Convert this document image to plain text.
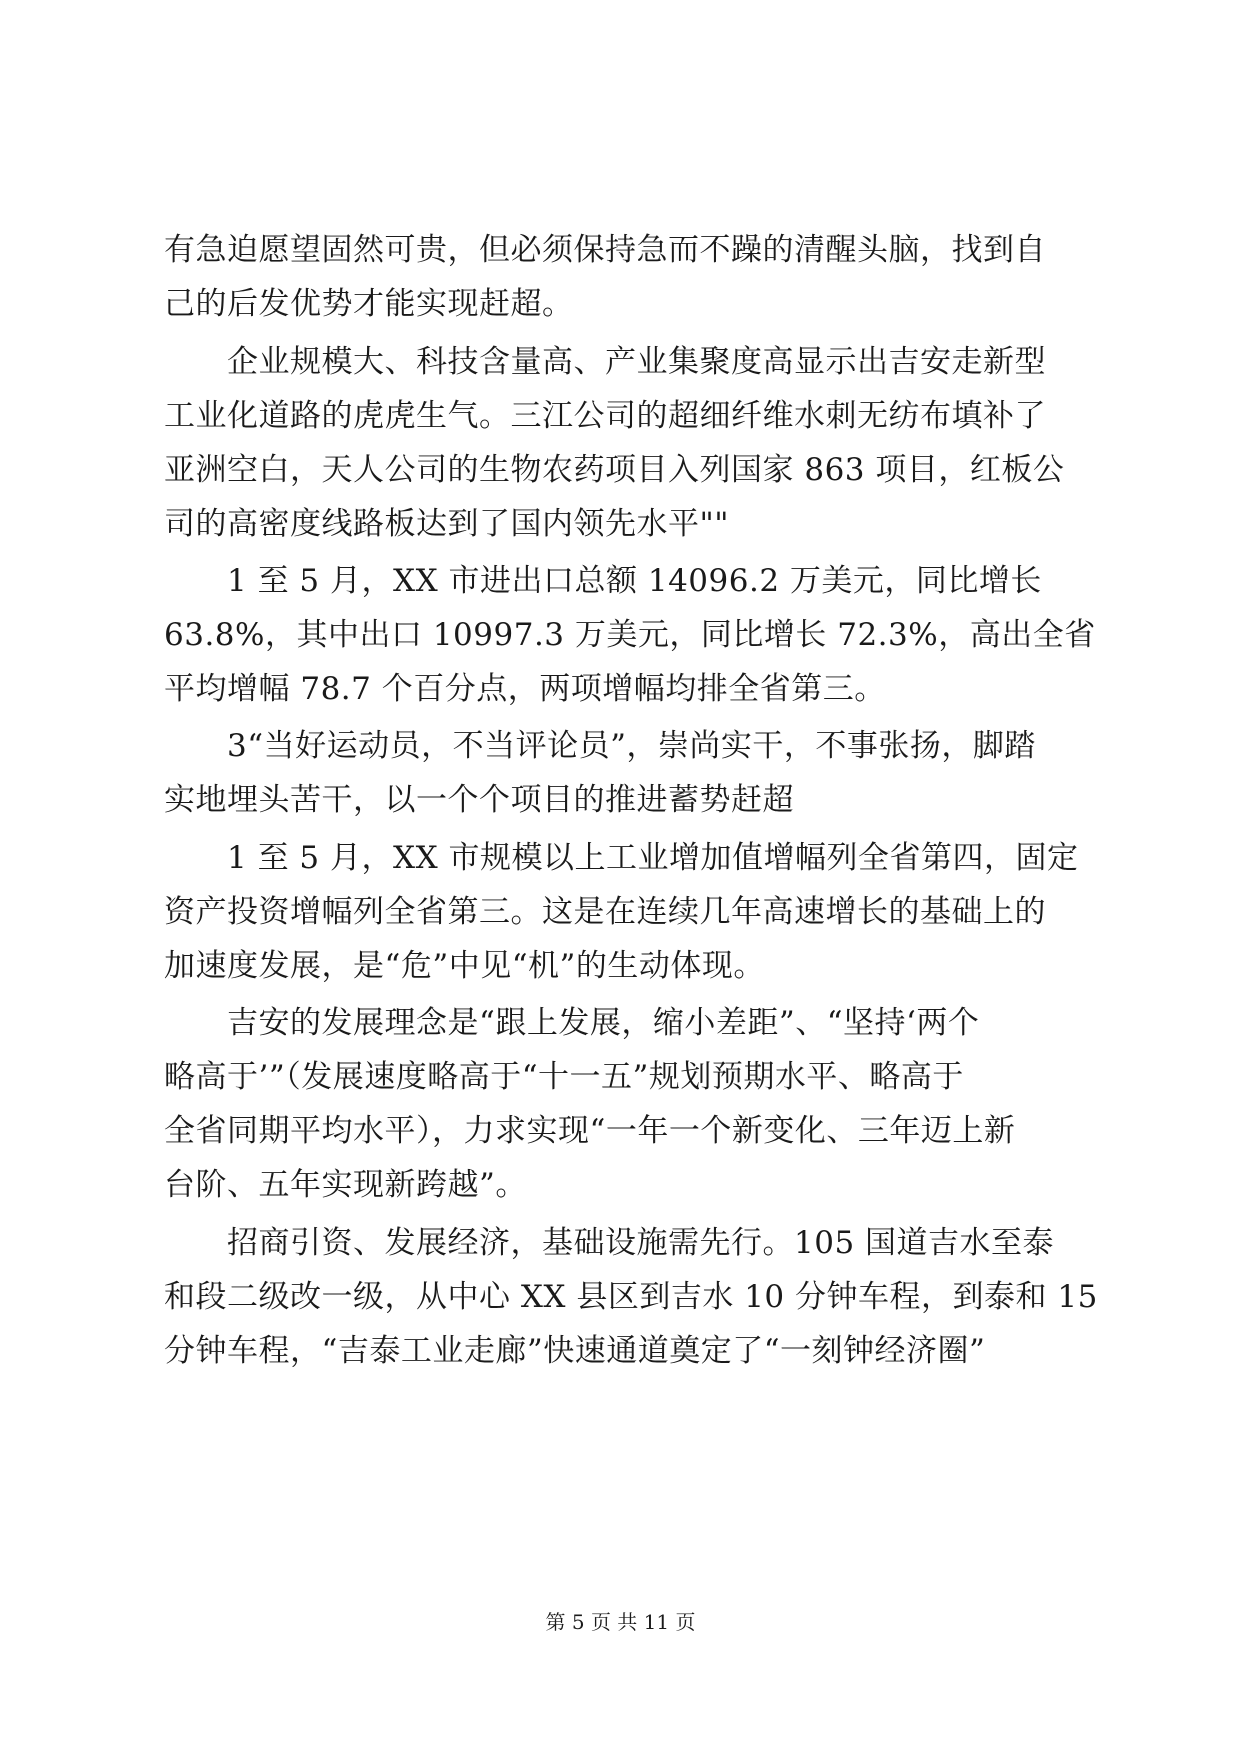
有急迫愿望固然可贵，但必须保持急而不躁的清醒头脑，找到自
己的后发优势才能实现赶超。
　　企业规模大、科技含量高、产业集聚度高显示出吉安走新型
工业化道路的虎虎生气。三江公司的超细纤维水刺无纺布填补了
亚洲空白，天人公司的生物农药项目入列国家 863 项目，红板公
司的高密度线路板达到了国内领先水平""
　　1 至 5 月，XX 市进出口总额 14096.2 万美元，同比增长
63.8%，其中出口 10997.3 万美元，同比增长 72.3%，高出全省
平均增幅 78.7 个百分点，两项增幅均排全省第三。
　　3“当好运动员，不当评论员”，崇尚实干，不事张扬，脚踏
实地埋头苦干，以一个个项目的推进蓄势赶超
　　1 至 5 月，XX 市规模以上工业增加值增幅列全省第四，固定
资产投资增幅列全省第三。这是在连续几年高速增长的基础上的
加速度发展，是“危”中见“机”的生动体现。
　　吉安的发展理念是“跟上发展，缩小差距”、“坚持‘两个
略高于’”（发展速度略高于“十一五”规划预期水平、略高于
全省同期平均水平），力求实现“一年一个新变化、三年迈上新
台阶、五年实现新跨越”。
　　招商引资、发展经济，基础设施需先行。105 国道吉水至泰
和段二级改一级，从中心 XX 县区到吉水 10 分钟车程，到泰和 15
分钟车程，“吉泰工业走廊”快速通道奠定了“一刻钟经济圈”
第 5 页 共 11 页
